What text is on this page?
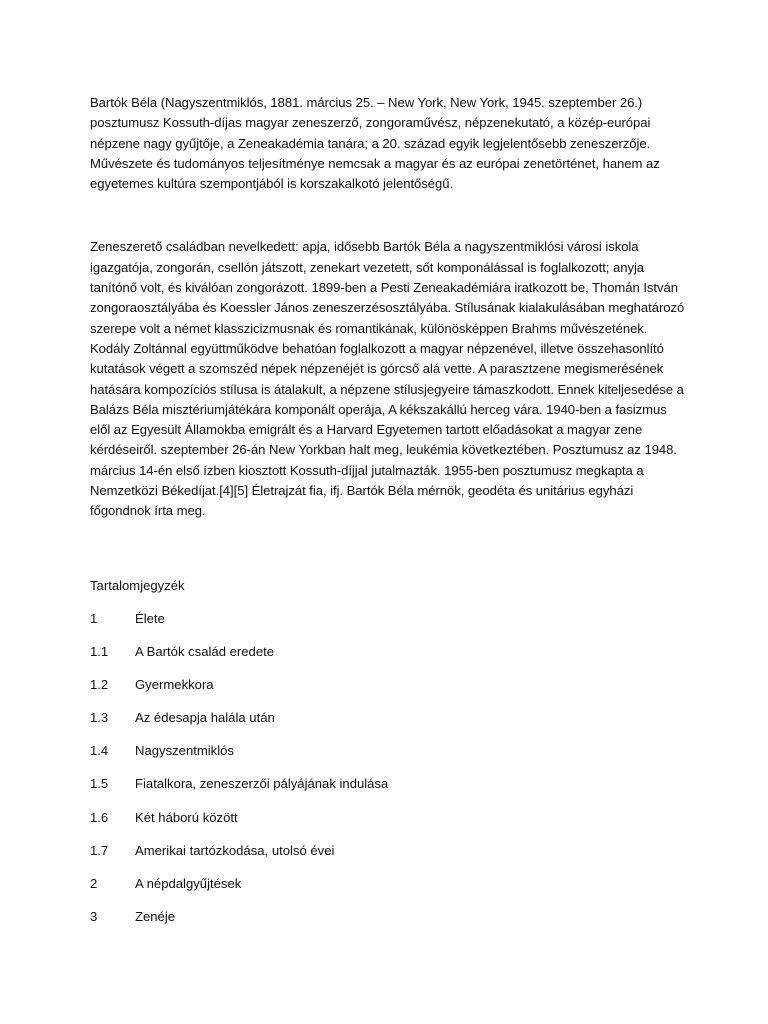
Bartók Béla (Nagyszentmiklós, 1881. március 25. – New York, New York, 1945. szeptember 26.) posztumusz Kossuth-díjas magyar zeneszerző, zongoraművész, népzenekutató, a közép-európai népzene nagy gyűjtője, a Zeneakadémia tanára; a 20. század egyik legjelentősebb zeneszerzője. Művészete és tudományos teljesítménye nemcsak a magyar és az európai zenetörténet, hanem az egyetemes kultúra szempontjából is korszakalkotó jelentőségű.

Zeneszerető családban nevelkedett: apja, idősebb Bartók Béla a nagyszentmiklósi városi iskola igazgatója, zongorán, csellón játszott, zenekart vezetett, sőt komponálással is foglalkozott; anyja tanítónő volt, és kiválóan zongorázott. 1899-ben a Pesti Zeneakadémiára iratkozott be, Thomán István zongoraosztályába és Koessler János zeneszerzésosztályába. Stílusának kialakulásában meghatározó szerepe volt a német klasszicizmusnak és romantikának, különösképpen Brahms művészetének. Kodály Zoltánnal együttműködve behatóan foglalkozott a magyar népzenével, illetve összehasonlító kutatások végett a szomszéd népek népzenéjét is górcső alá vette. A parasztzene megismerésének hatására kompozíciós stílusa is átalakult, a népzene stílusjegyeire támaszkodott. Ennek kiteljesedése a Balázs Béla misztériumjátékára komponált operája, A kékszakállú herceg vára. 1940-ben a fasizmus elől az Egyesült Államokba emigrált és a Harvard Egyetemen tartott előadásokat a magyar zene kérdéseiről. szeptember 26-án New Yorkban halt meg, leukémia következtében. Posztumusz az 1948. március 14-én első ízben kiosztott Kossuth-díjjal jutalmazták. 1955-ben posztumusz megkapta a Nemzetközi Békedíjat.[4][5] Életrajzát fia, ifj. Bartók Béla mérnök, geodéta és unitárius egyházi főgondnok írta meg.

Tartalomjegyzék

1	Élete
1.1	A Bartók család eredete
1.2	Gyermekkora
1.3	Az édesapja halála után
1.4	Nagyszentmiklós
1.5	Fiatalkora, zeneszerzői pályájának indulása
1.6	Két háború között
1.7	Amerikai tartózkodása, utolsó évei
2	A népdalgyűjtések
3	Zenéje
